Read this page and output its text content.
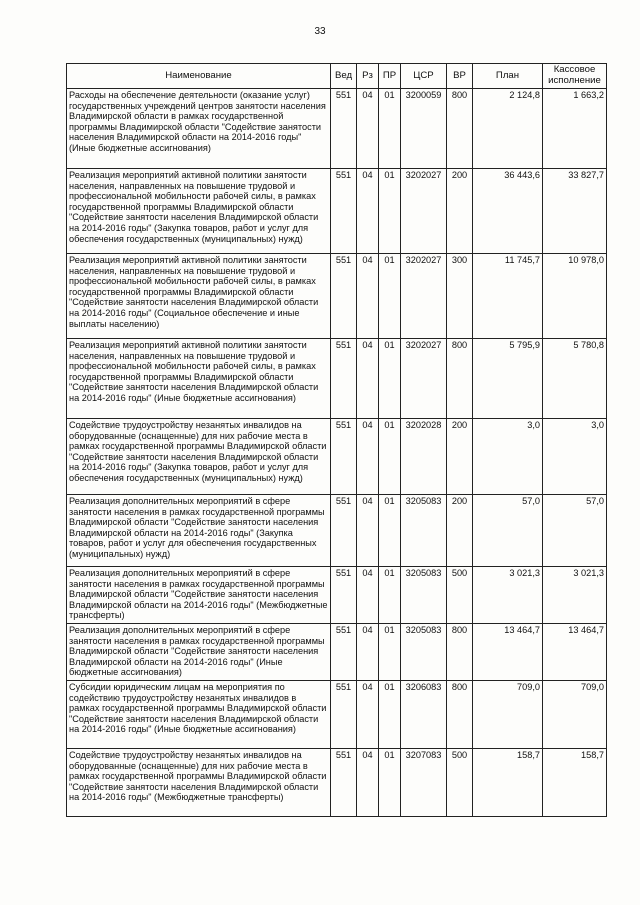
33
Наименование	Вед	Рз	ПР	ЦСР	ВР	План	Кассовое исполнение
Расходы на обеспечение деятельности (оказание услуг) государственных учреждений центров занятости населения Владимирской области в рамках государственной программы Владимирской области "Содействие занятости населения Владимирской области на 2014-2016 годы" (Иные бюджетные ассигнования)	551	04	01	3200059	800	2 124,8	1 663,2
Реализация мероприятий активной политики занятости населения, направленных на повышение трудовой и профессиональной мобильности рабочей силы, в рамках государственной программы Владимирской области "Содействие занятости населения Владимирской области на 2014-2016 годы" (Закупка товаров, работ и услуг для обеспечения государственных (муниципальных) нужд)	551	04	01	3202027	200	36 443,6	33 827,7
Реализация мероприятий активной политики занятости населения, направленных на повышение трудовой и профессиональной мобильности рабочей силы, в рамках государственной программы Владимирской области "Содействие занятости населения Владимирской области на 2014-2016 годы" (Социальное обеспечение и иные выплаты населению)	551	04	01	3202027	300	11 745,7	10 978,0
Реализация мероприятий активной политики занятости населения, направленных на повышение трудовой и профессиональной мобильности рабочей силы, в рамках государственной программы Владимирской области "Содействие занятости населения Владимирской области на 2014-2016 годы" (Иные бюджетные ассигнования)	551	04	01	3202027	800	5 795,9	5 780,8
Содействие трудоустройству незанятых инвалидов на оборудованные (оснащенные) для них рабочие места в рамках государственной программы Владимирской области "Содействие занятости населения Владимирской области на 2014-2016 годы" (Закупка товаров, работ и услуг для обеспечения государственных (муниципальных) нужд)	551	04	01	3202028	200	3,0	3,0
Реализация дополнительных мероприятий в сфере занятости населения в рамках государственной программы Владимирской области "Содействие занятости населения Владимирской области на 2014-2016 годы" (Закупка товаров, работ и услуг для обеспечения государственных (муниципальных) нужд)	551	04	01	3205083	200	57,0	57,0
Реализация дополнительных мероприятий в сфере занятости населения в рамках государственной программы Владимирской области "Содействие занятости населения Владимирской области на 2014-2016 годы" (Межбюджетные трансферты)	551	04	01	3205083	500	3 021,3	3 021,3
Реализация дополнительных мероприятий в сфере занятости населения в рамках государственной программы Владимирской области "Содействие занятости населения Владимирской области на 2014-2016 годы" (Иные бюджетные ассигнования)	551	04	01	3205083	800	13 464,7	13 464,7
Субсидии юридическим лицам на мероприятия по содействию трудоустройству незанятых инвалидов в рамках государственной программы Владимирской области "Содействие занятости населения Владимирской области на 2014-2016 годы" (Иные бюджетные ассигнования)	551	04	01	3206083	800	709,0	709,0
Содействие трудоустройству незанятых инвалидов на оборудованные (оснащенные) для них рабочие места в рамках государственной программы Владимирской области "Содействие занятости населения Владимирской области на 2014-2016 годы" (Межбюджетные трансферты)	551	04	01	3207083	500	158,7	158,7
